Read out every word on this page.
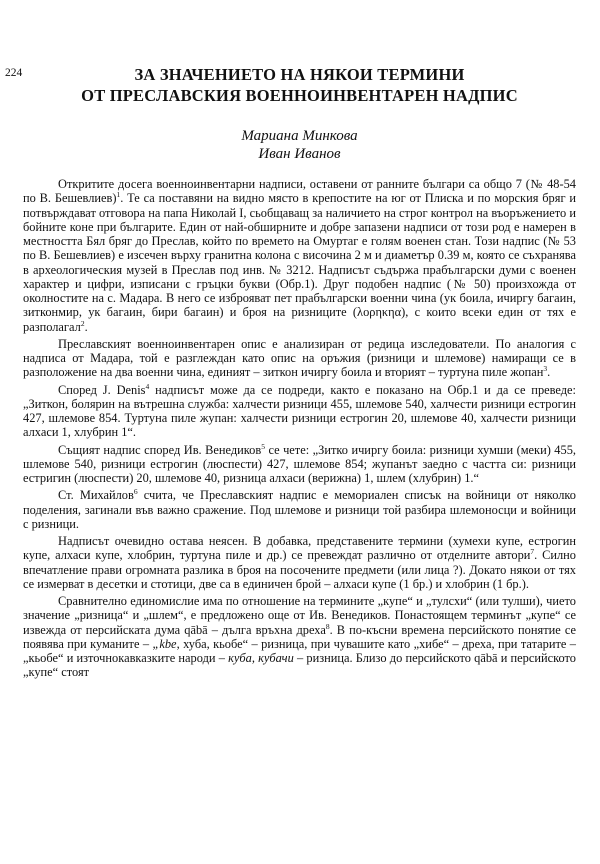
224	ЗА ЗНАЧЕНИЕТО НА НЯКОИ ТЕРМИНИ
ОТ ПРЕСЛАВСКИЯ ВОЕННОИНВЕНТАРЕН НАДПИС
Мариана Минкова
Иван Иванов

Откритите досега военноинвентарни надписи, оставени от ранните българи са общо 7 (№ 48-54 по В. Бешевлиев)$^1$. Те са поставяни на видно място в крепостите на юг от Плиска и по морския бряг и потвърждават отговора на папа Николай I, сьобщаващ за наличието на строг контрол на въоръжението и бойните коне при българите. Един от най-обширните и добре запазени надписи от този род е намерен в местността Бял бряг до Преслав, който по времето на Омуртаг е голям военен стан. Този надпис (№ 53 по В. Бешевлиев) е изсечен върху гранитна колона с височина 2 м и диаметър 0.39 м, която се съхранява в археологическия музей в Преслав под инв. № 3212. Надписът съдържа прабългарски думи с военен характер и цифри, изписани с гръцки букви (Обр.1). Друг подобен надпис (№ 50) произхожда от околностите на с. Мадара. В него се изброяват пет прабългарски военни чина (ук боила, ичиргу багаин, зитконмир, ук багаин, бири багаин) и броя на ризниците (λορηκηα), с които всеки един от тях е разполагал$^2$.

Преславският военноинвентарен опис е анализиран от редица изследователи. По аналогия с надписа от Мадара, той е разглеждан като опис на оръжия (ризници и шлемове) намиращи се в разположение на два военни чина, единият – зиткон ичиргу боила и вторият – туртуна пиле жопан$^3$.

Според J. Denis$^4$ надписът може да се подреди, както е показано на Обр.1 и да се преведе: „Зиткон, болярин на вътрешна служба: халчести ризници 455, шлемове 540, халчести ризници естрогин 427, шлемове 854. Туртуна пиле жупан: халчести ризници естрогин 20, шлемове 40, халчести ризници алхаси 1, хлубрин 1“.

Същият надпис според Ив. Венедиков$^5$ се чете: „Зитко ичиргу боила: ризници хумши (меки) 455, шлемове 540, ризници естрогин (люспести) 427, шлемове 854; жупанът заедно с частта си: ризници естригин (люспести) 20, шлемове 40, ризница алхаси (верижна) 1, шлем (хлубрин) 1.“

Ст. Михайлов$^6$ счита, че Преславският надпис е мемориален списък на войници от няколко поделения, загинали във важно сражение. Под шлемове и ризници той разбира шлемоносци и войници с ризници.

Надписът очевидно остава неясен. В добавка, представените термини (хумехи купе, естрогин купе, алхаси купе, хлобрин, туртуна пиле и др.) се превеждат различно от отделните автори$^7$. Силно впечатление прави огромната разлика в броя на посочените предмети (или лица ?). Докато някои от тях се измерват в десетки и стотици, две са в единичен брой – алхаси купе (1 бр.) и хлобрин (1 бр.).

Сравнително единомислие има по отношение на термините „купе“ и „тулсхи“ (или тулши), чието значение „ризница“ и „шлем“, е предложено още от Ив. Венедиков. Понастоящем терминът „купе“ се извежда от персийската дума qābā – дълга връхна дреха$^8$. В по-късни времена персийското понятие се появява при куманите – „kbe, хуба, кьобе“ – ризница, при чувашите като „хибе“ – дреха, при татарите – „кьобе“ и източнокавказките народи – куба, кубачи – ризница. Близо до персийското qābā и персийското „купе“ стоят
